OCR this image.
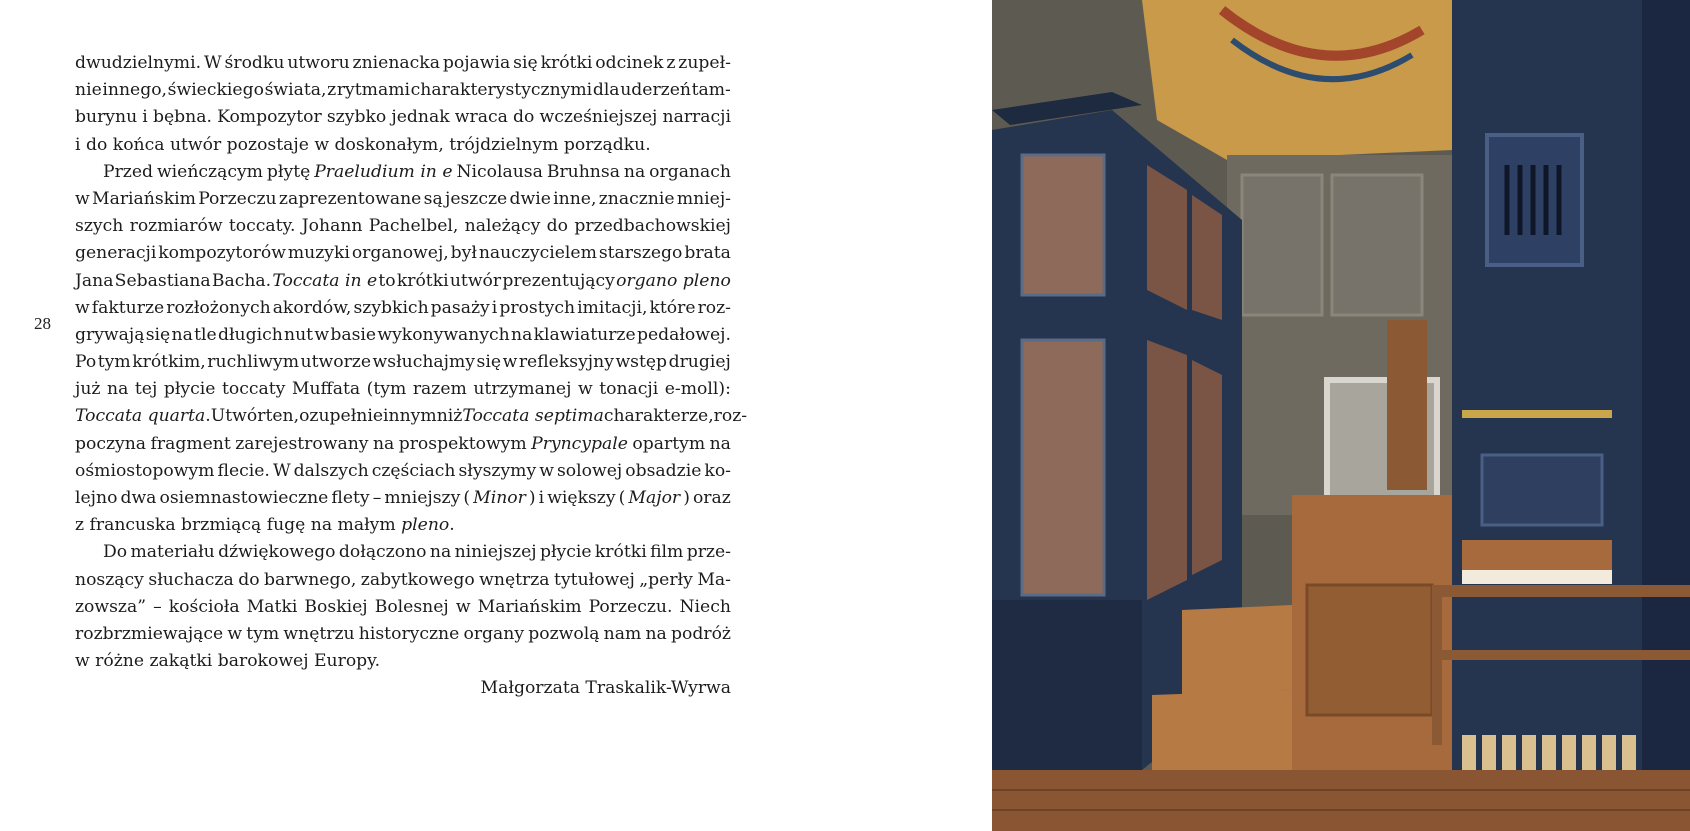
28
dwudzielnymi. W środku utworu znienacka pojawia się krótki odcinek z zupeł-
nie innego, świeckiego świata, z rytmami charakterystycznymi dla uderzeń tam-
burynu i bębna. Kompozytor szybko jednak wraca do wcześniejszej narracji
i do końca utwór pozostaje w doskonałym, trójdzielnym porządku.
Przed wieńczącym płytę Praeludium in e Nicolausa Bruhnsa na organach
w Mariańskim Porzeczu zaprezentowane są jeszcze dwie inne, znacznie mniej-
szych rozmiarów toccaty. Johann Pachelbel, należący do przedbachowskiej
generacji kompozytorów muzyki organowej, był nauczycielem starszego brata
Jana Sebastiana Bacha. Toccata in e to krótki utwór prezentujący organo pleno
w fakturze rozłożonych akordów, szybkich pasaży i prostych imitacji, które roz-
grywają się na tle długich nut w basie wykonywanych na klawiaturze pedałowej.
Po tym krótkim, ruchliwym utworze wsłuchajmy się w refleksyjny wstęp drugiej
już na tej płycie toccaty Muffata (tym razem utrzymanej w tonacji e-moll):
Toccata quarta . Utwór ten, o zupełnie innym niż Toccata septima charakterze, roz-
poczyna fragment zarejestrowany na prospektowym Pryncypale opartym na
ośmiostopowym flecie. W dalszych częściach słyszymy w solowej obsadzie ko-
lejno dwa osiemnastowieczne flety – mniejszy ( Minor ) i większy ( Major ) oraz
z francuska brzmiącą fugę na małym pleno .
Do materiału dźwiękowego dołączono na niniejszej płycie krótki film prze-
noszący słuchacza do barwnego, zabytkowego wnętrza tytułowej „perły Ma-
zowsza” – kościoła Matki Boskiej Bolesnej w Mariańskim Porzeczu. Niech
rozbrzmiewające w tym wnętrzu historyczne organy pozwolą nam na podróż
w różne zakątki barokowej Europy.
Małgorzata Traskalik-Wyrwa
